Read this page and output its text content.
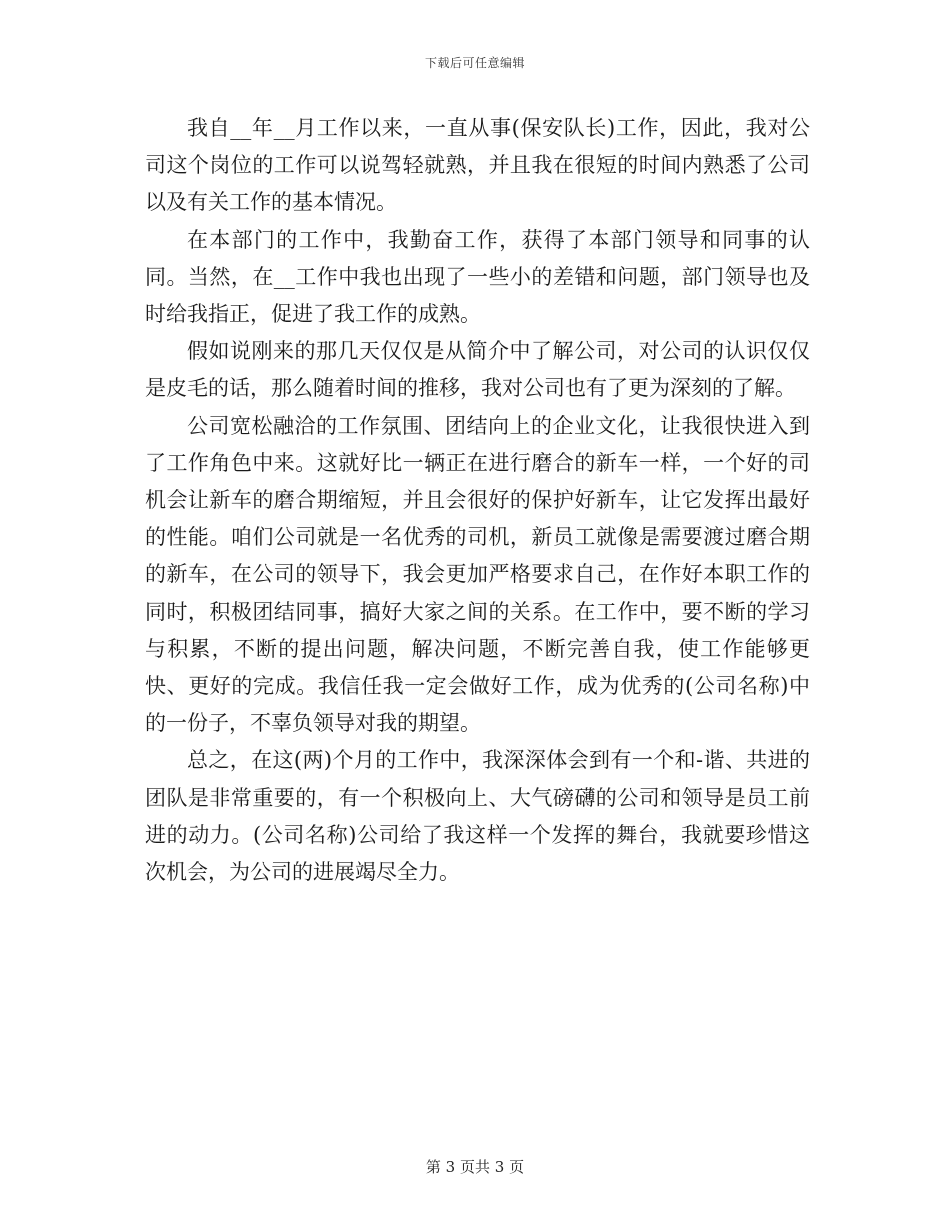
下载后可任意编辑

我自__年__月工作以来，一直从事(保安队长)工作，因此，我对公司这个岗位的工作可以说驾轻就熟，并且我在很短的时间内熟悉了公司以及有关工作的基本情况。

在本部门的工作中，我勤奋工作，获得了本部门领导和同事的认同。当然，在__工作中我也出现了一些小的差错和问题，部门领导也及时给我指正，促进了我工作的成熟。

假如说刚来的那几天仅仅是从简介中了解公司，对公司的认识仅仅是皮毛的话，那么随着时间的推移，我对公司也有了更为深刻的了解。

公司宽松融洽的工作氛围、团结向上的企业文化，让我很快进入到了工作角色中来。这就好比一辆正在进行磨合的新车一样，一个好的司机会让新车的磨合期缩短，并且会很好的保护好新车，让它发挥出最好的性能。咱们公司就是一名优秀的司机，新员工就像是需要渡过磨合期的新车，在公司的领导下，我会更加严格要求自己，在作好本职工作的同时，积极团结同事，搞好大家之间的关系。在工作中，要不断的学习与积累，不断的提出问题，解决问题，不断完善自我，使工作能够更快、更好的完成。我信任我一定会做好工作，成为优秀的(公司名称)中的一份子，不辜负领导对我的期望。

总之，在这(两)个月的工作中，我深深体会到有一个和-谐、共进的团队是非常重要的，有一个积极向上、大气磅礴的公司和领导是员工前进的动力。(公司名称)公司给了我这样一个发挥的舞台，我就要珍惜这次机会，为公司的进展竭尽全力。

第 3 页共 3 页
